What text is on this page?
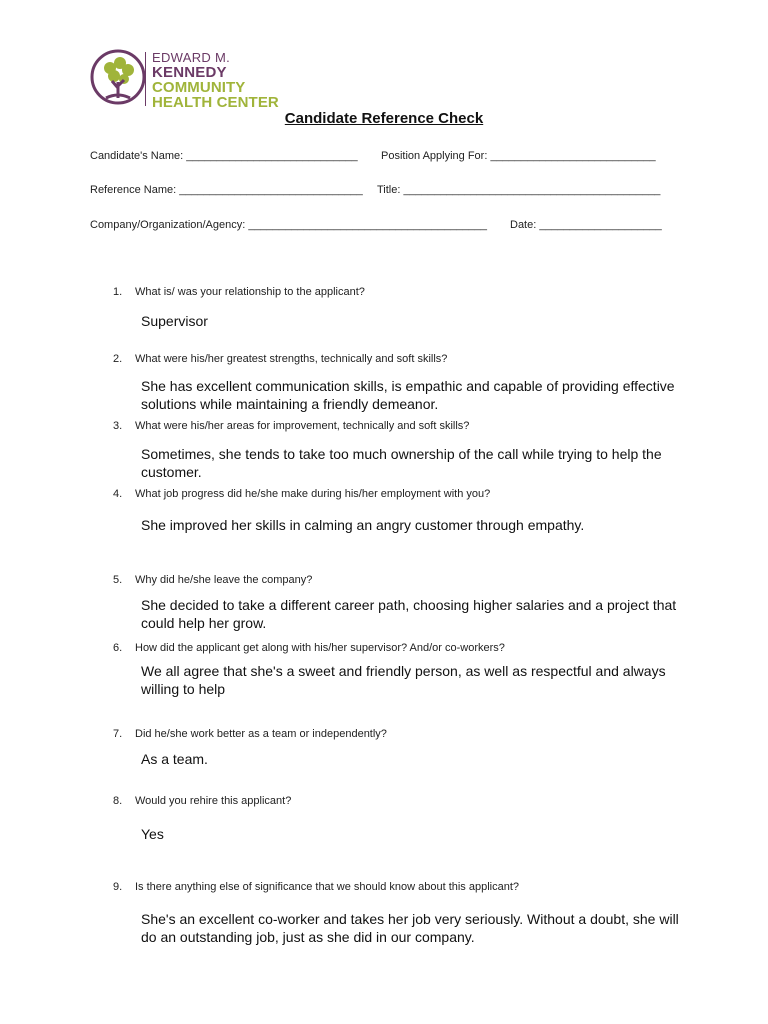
EDWARD M.
KENNEDY
COMMUNITY
HEALTH CENTER
Candidate Reference Check
Candidate's Name: ____________________________ Position Applying For: ___________________________
Reference Name: ______________________________ Title: __________________________________________
Company/Organization/Agency: _______________________________________ Date: ____________________
1. What is/ was your relationship to the applicant?
Supervisor
2. What were his/her greatest strengths, technically and soft skills?
She has excellent communication skills, is empathic and capable of providing effective solutions while maintaining a friendly demeanor.
3. What were his/her areas for improvement, technically and soft skills?
Sometimes, she tends to take too much ownership of the call while trying to help the customer.
4. What job progress did he/she make during his/her employment with you?
She improved her skills in calming an angry customer through empathy.
5. Why did he/she leave the company?
She decided to take a different career path, choosing higher salaries and a project that could help her grow.
6. How did the applicant get along with his/her supervisor? And/or co-workers?
We all agree that she's a sweet and friendly person, as well as respectful and always willing to help
7. Did he/she work better as a team or independently?
As a team.
8. Would you rehire this applicant?
Yes
9. Is there anything else of significance that we should know about this applicant?
She's an excellent co-worker and takes her job very seriously. Without a doubt, she will do an outstanding job, just as she did in our company.
